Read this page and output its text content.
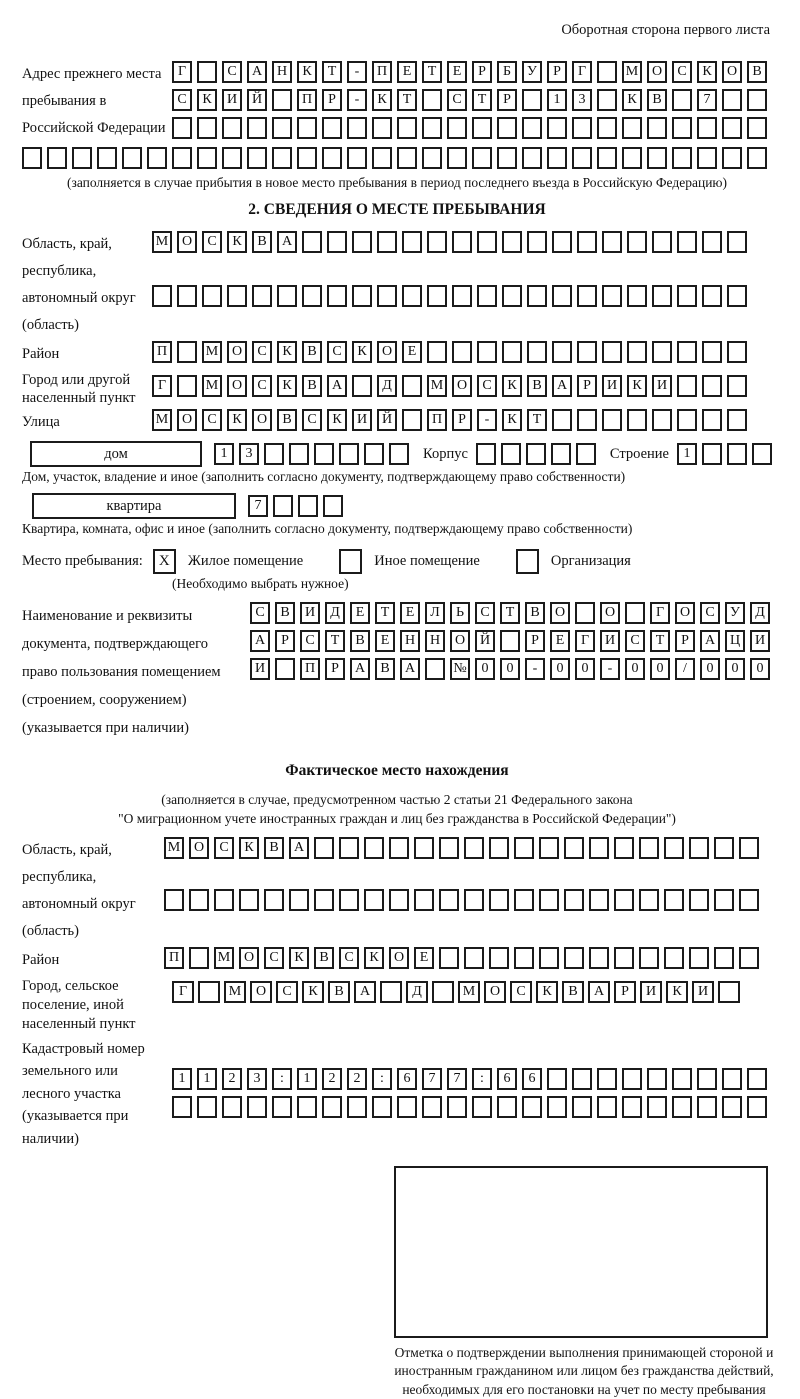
Оборотная сторона первого листа
Адрес прежнего места пребывания в Российской Федерации
Г	С	А	Н	К	Т	-	П	Е	Т	Е	Р	Б	У	Р	Г	М О	С	К	О	В
С	К	И	Й	П	Р	-	К	Т	С	Т	Р	1	3	К	В	7
(заполняется в случае прибытия в новое место пребывания в период последнего въезда в Российскую Федерацию)
2. СВЕДЕНИЯ О МЕСТЕ ПРЕБЫВАНИЯ
Область, край, республика, автономный округ (область)
М О	С	К	В	А
Район	П	М О	С	К	В	С	К	О	Е
Город или другой населенный пункт
Г	М О	С	К	В	А	Д	М О	С	К	В	А	Р	И	К	И
Улица	М О	С	К	О	В	С	К	И	Й	П	Р	-	К	Т
дом	1	3	Корпус	Строение	1
Дом, участок, владение и иное (заполнить согласно документу, подтверждающему право собственности)
квартира	7
Квартира, комната, офис и иное (заполнить согласно документу, подтверждающему право собственности)
Место пребывания:	X	Жилое помещение	Иное помещение	Организация
(Необходимо выбрать нужное)
Наименование и реквизиты документа, подтверждающего право пользования помещением (строением, сооружением) (указывается при наличии)
С	В	И	Д	Е	Т	Е	Л	Ь	С	Т	В	О	О	Г	О	С	У	Д
А	Р	С	Т	В	Е	Н	Н	О	Й	Р	Е	Г	И	С	Т	Р	А	Ц	И
И	П	Р	А	В	А	№	0	0	-	0	0	-	0	0	/	0	0	0
Фактическое место нахождения
(заполняется в случае, предусмотренном частью 2 статьи 21 Федерального закона
"О миграционном учете иностранных граждан и лиц без гражданства в Российской Федерации")
Область, край, республика, автономный округ (область)
М О	С	К	В	А
Район	П	М О	С	К	В	С	К	О	Е
Город, сельское поселение, иной населенный пункт
Г	М	О	С	К	В	А	Д	М	О	С	К	В	А	Р	И	К	И
Кадастровый номер земельного или лесного участка (указывается при наличии)
1	1	2	3	:	1	2	2	:	6	7	7	:	6	6
Отметка о подтверждении выполнения принимающей стороной и иностранным гражданином или лицом без гражданства действий, необходимых для его постановки на учет по месту пребывания
